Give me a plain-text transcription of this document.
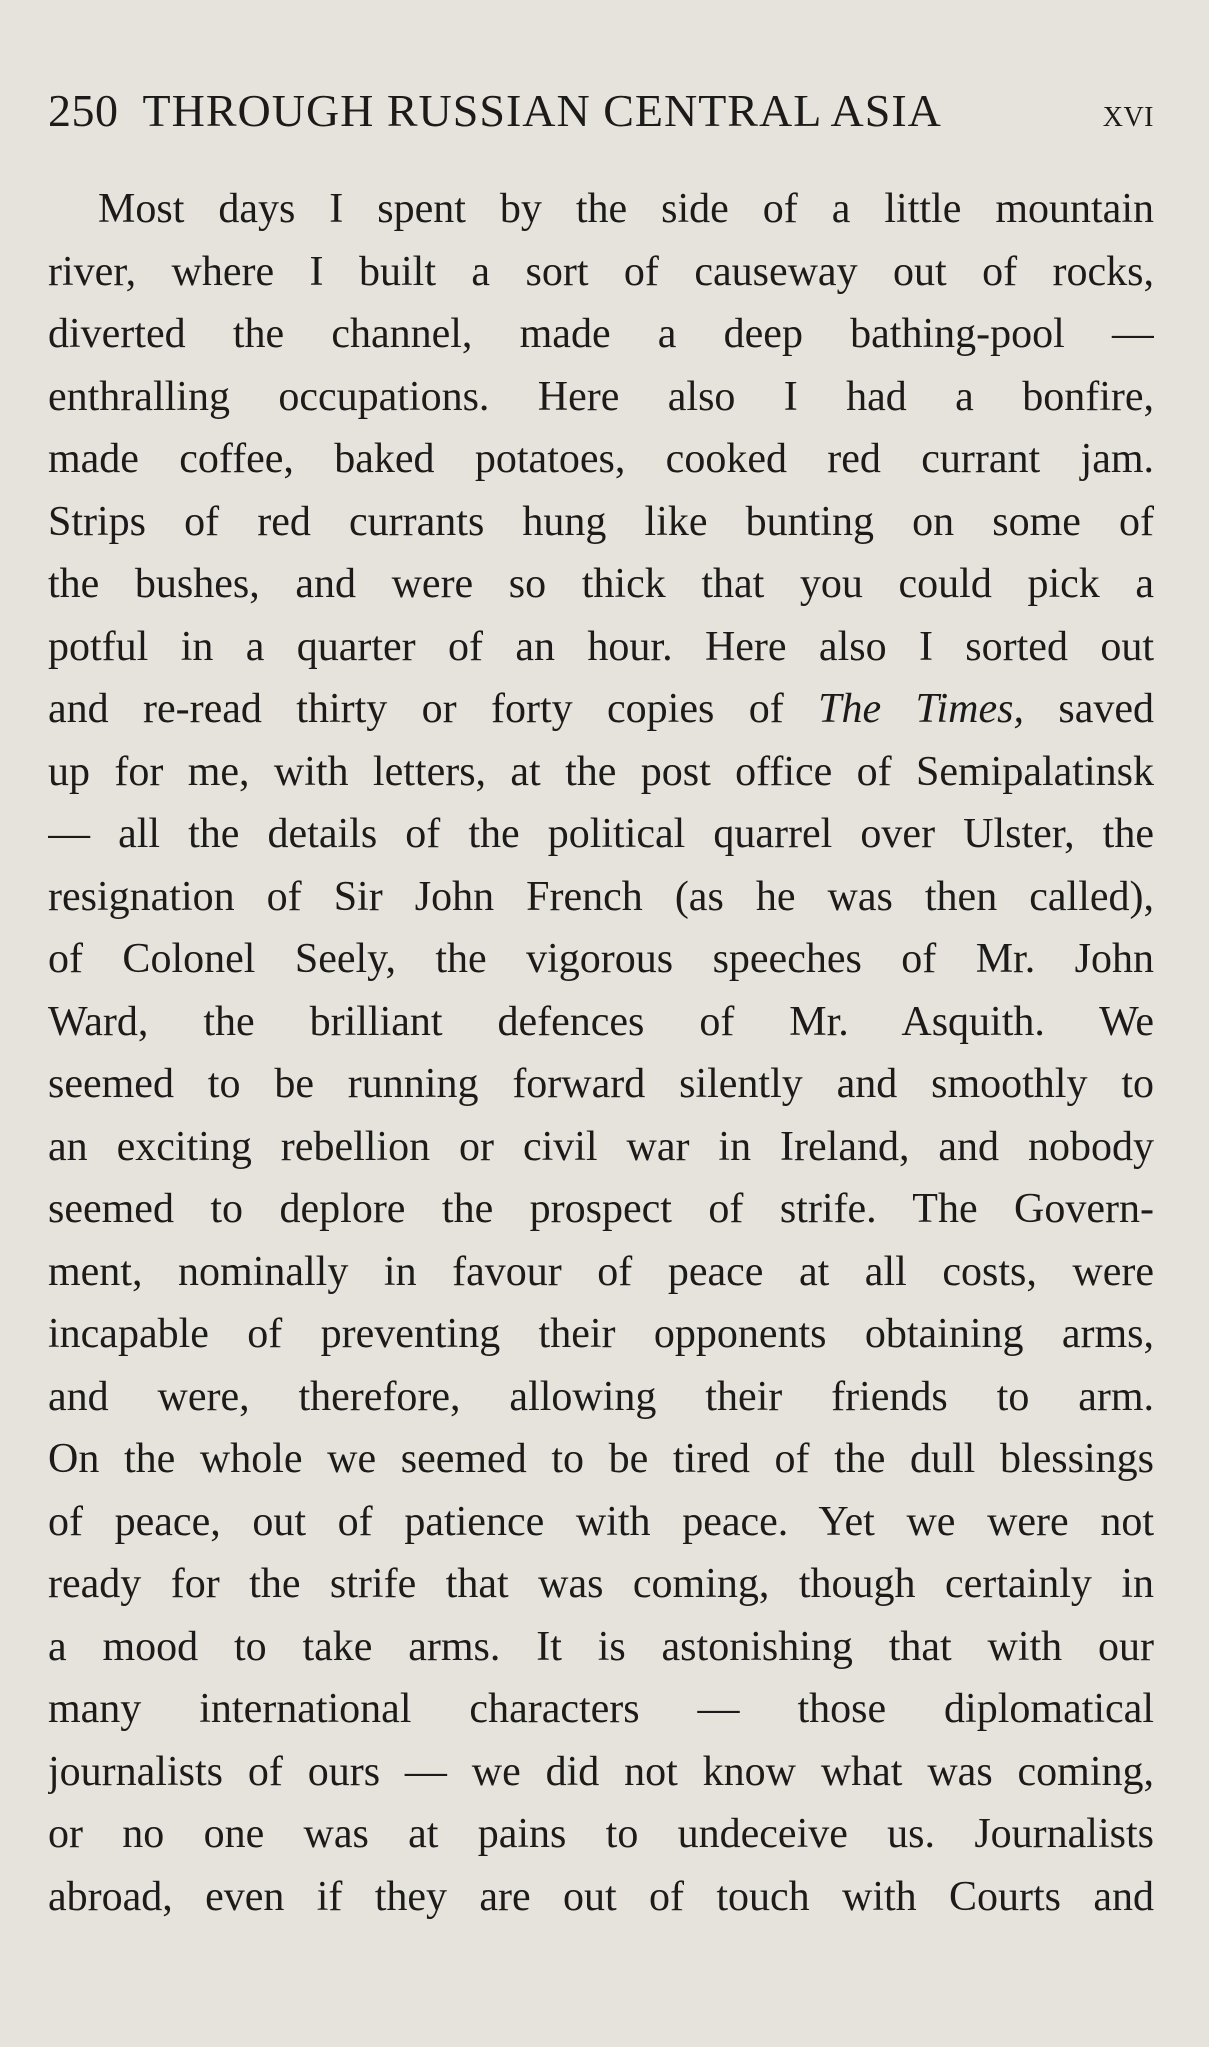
250 THROUGH RUSSIAN CENTRAL ASIA	xvi
Most days I spent by the side of a little mountain
river, where I built a sort of causeway out of rocks,
diverted the channel, made a deep bathing-pool —
enthralling occupations. Here also I had a bonfire,
made coffee, baked potatoes, cooked red currant jam.
Strips of red currants hung like bunting on some of
the bushes, and were so thick that you could pick a
potful in a quarter of an hour. Here also I sorted out
and re-read thirty or forty copies of The Times, saved
up for me, with letters, at the post office of Semipalatinsk
— all the details of the political quarrel over Ulster, the
resignation of Sir John French (as he was then called),
of Colonel Seely, the vigorous speeches of Mr. John
Ward, the brilliant defences of Mr. Asquith. We
seemed to be running forward silently and smoothly to
an exciting rebellion or civil war in Ireland, and nobody
seemed to deplore the prospect of strife. The Govern-
ment, nominally in favour of peace at all costs, were
incapable of preventing their opponents obtaining arms,
and were, therefore, allowing their friends to arm.
On the whole we seemed to be tired of the dull blessings
of peace, out of patience with peace. Yet we were not
ready for the strife that was coming, though certainly in
a mood to take arms. It is astonishing that with our
many international characters — those diplomatical
journalists of ours — we did not know what was coming,
or no one was at pains to undeceive us. Journalists
abroad, even if they are out of touch with Courts and
